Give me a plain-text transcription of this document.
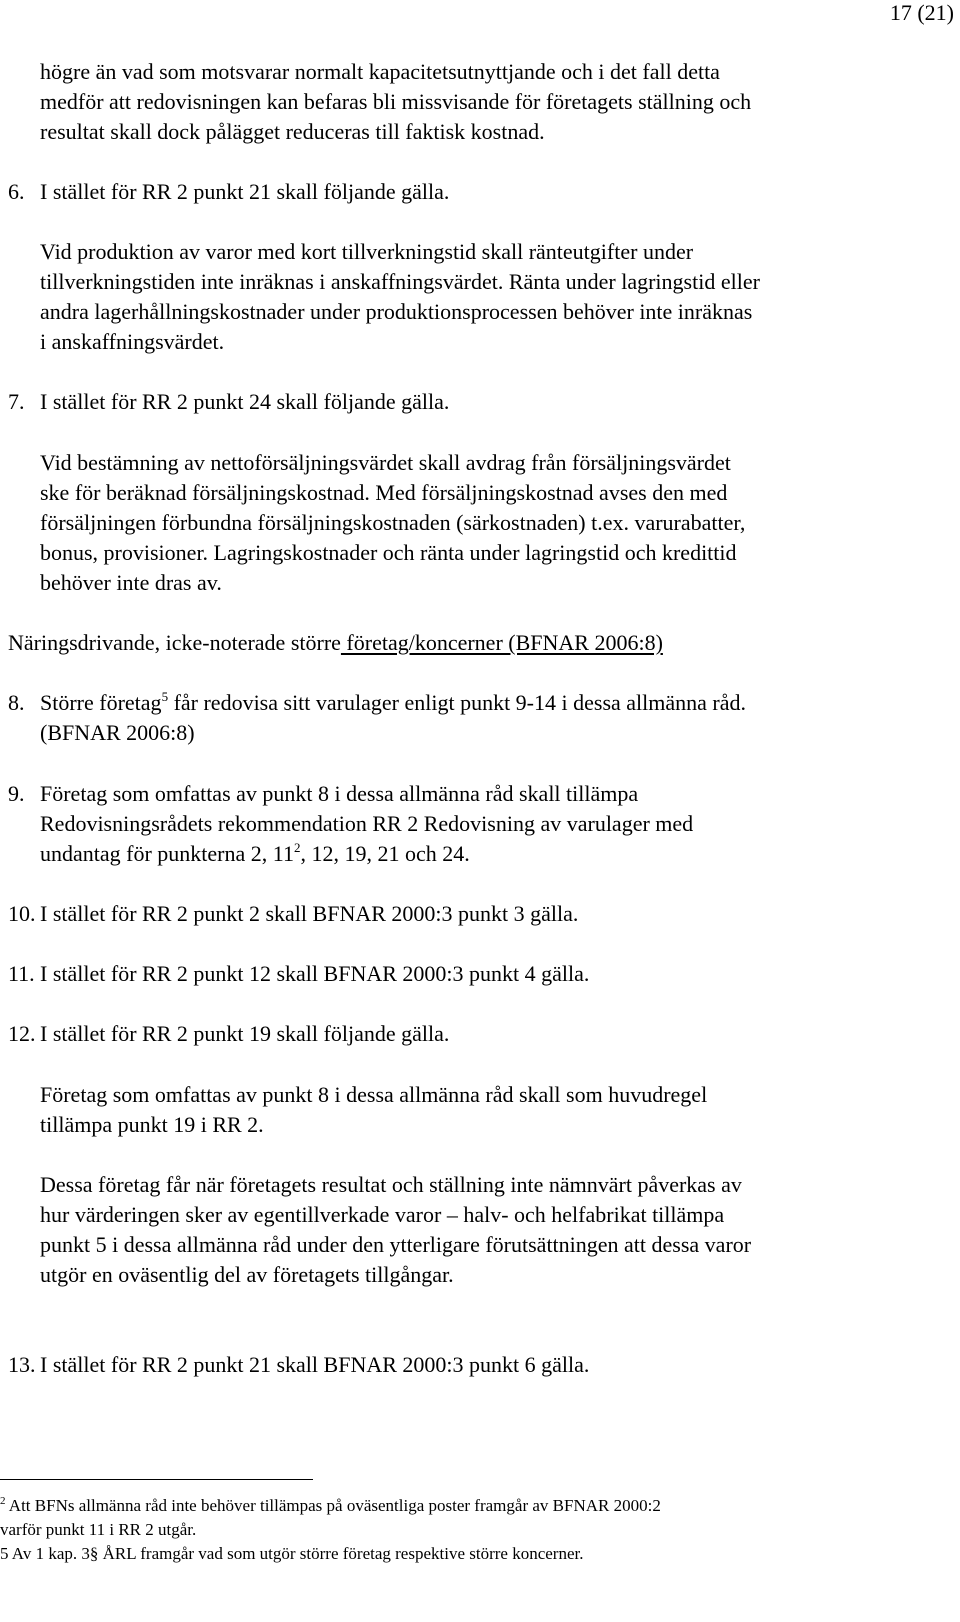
17 (21)
högre än vad som motsvarar normalt kapacitetsutnyttjande och i det fall detta
medför att redovisningen kan befaras bli missvisande för företagets ställning och
resultat skall dock pålägget reduceras till faktisk kostnad.
6. I stället för RR 2 punkt 21 skall följande gälla.
Vid produktion av varor med kort tillverkningstid skall ränteutgifter under
tillverkningstiden inte inräknas i anskaffningsvärdet. Ränta under lagringstid eller
andra lagerhållningskostnader under produktionsprocessen behöver inte inräknas
i anskaffningsvärdet.
7. I stället för RR 2 punkt 24 skall följande gälla.
Vid bestämning av nettoförsäljningsvärdet skall avdrag från försäljningsvärdet
ske för beräknad försäljningskostnad. Med försäljningskostnad avses den med
försäljningen förbundna försäljningskostnaden (särkostnaden) t.ex. varurabatter,
bonus, provisioner. Lagringskostnader och ränta under lagringstid och kredittid
behöver inte dras av.
Näringsdrivande, icke-noterade större företag/koncerner (BFNAR 2006:8)
8. Större företag$^5$ får redovisa sitt varulager enligt punkt 9-14 i dessa allmänna råd.
(BFNAR 2006:8)
9. Företag som omfattas av punkt 8 i dessa allmänna råd skall tillämpa
Redovisningsrådets rekommendation RR 2 Redovisning av varulager med
undantag för punkterna 2, $11^2$, 12, 19, 21 och 24.
10. I stället för RR 2 punkt 2 skall BFNAR 2000:3 punkt 3 gälla.
11. I stället för RR 2 punkt 12 skall BFNAR 2000:3 punkt 4 gälla.
12. I stället för RR 2 punkt 19 skall följande gälla.
Företag som omfattas av punkt 8 i dessa allmänna råd skall som huvudregel
tillämpa punkt 19 i RR 2.
Dessa företag får när företagets resultat och ställning inte nämnvärt påverkas av
hur värderingen sker av egentillverkade varor – halv- och helfabrikat tillämpa
punkt 5 i dessa allmänna råd under den ytterligare förutsättningen att dessa varor
utgör en oväsentlig del av företagets tillgångar.
13. I stället för RR 2 punkt 21 skall BFNAR 2000:3 punkt 6 gälla.
$^2$ Att BFNs allmänna råd inte behöver tillämpas på oväsentliga poster framgår av BFNAR 2000:2
varför punkt 11 i RR 2 utgår.
5 Av 1 kap. 3§ ÅRL framgår vad som utgör större företag respektive större koncerner.
